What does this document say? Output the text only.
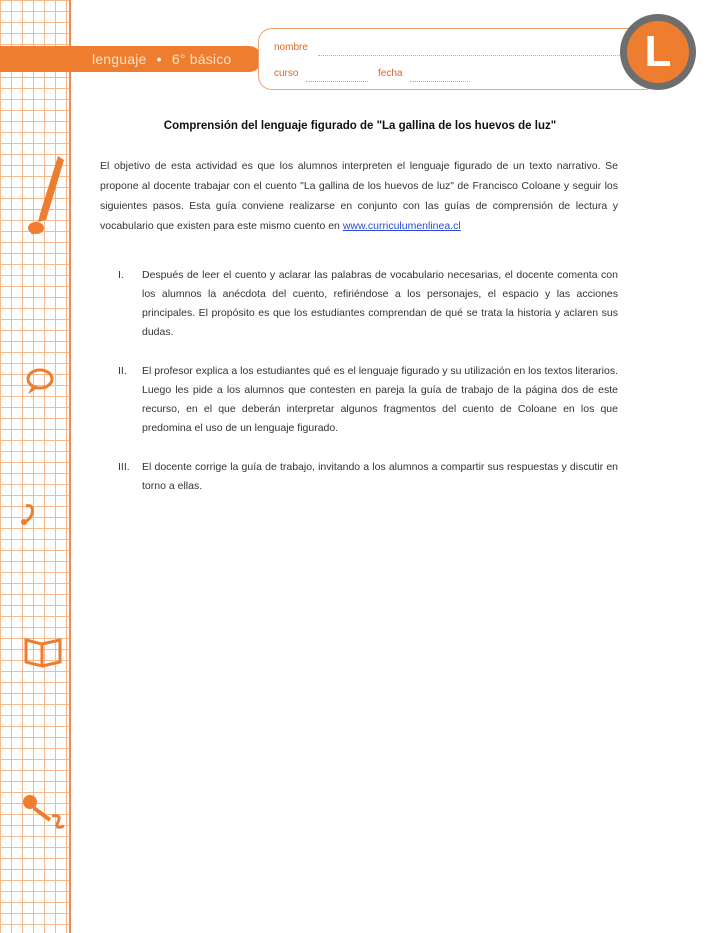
lenguaje • 6° básico
nombre
curso	fecha	L
Comprensión del lenguaje figurado de "La gallina de los huevos de luz"
El objetivo de esta actividad es que los alumnos interpreten el lenguaje figurado de un texto narrativo. Se propone al docente trabajar con el cuento "La gallina de los huevos de luz" de Francisco Coloane y seguir los siguientes pasos. Esta guía conviene realizarse en conjunto con las guías de comprensión de lectura y vocabulario que existen para este mismo cuento en www.curriculumenlinea.cl
I. Después de leer el cuento y aclarar las palabras de vocabulario necesarias, el docente comenta con los alumnos la anécdota del cuento, refiriéndose a los personajes, el espacio y las acciones principales. El propósito es que los estudiantes comprendan de qué se trata la historia y aclaren sus dudas.
II. El profesor explica a los estudiantes qué es el lenguaje figurado y su utilización en los textos literarios. Luego les pide a los alumnos que contesten en pareja la guía de trabajo de la página dos de este recurso, en el que deberán interpretar algunos fragmentos del cuento de Coloane en los que predomina el uso de un lenguaje figurado.
III. El docente corrige la guía de trabajo, invitando a los alumnos a compartir sus respuestas y discutir en torno a ellas.
